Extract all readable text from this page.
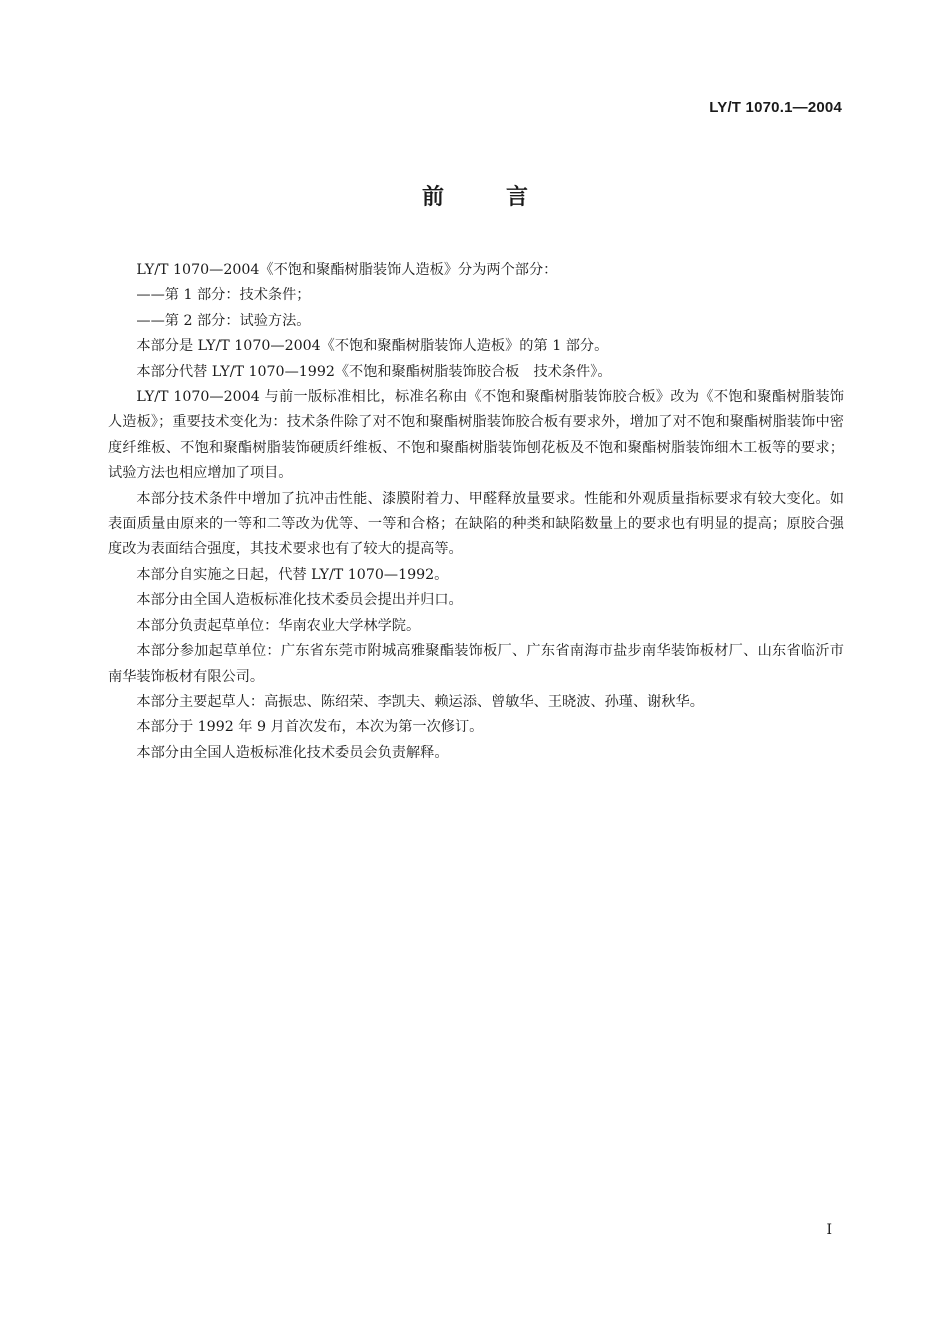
LY/T 1070.1—2004
前言

LY/T 1070—2004《不饱和聚酯树脂装饰人造板》分为两个部分：

——第 1 部分：技术条件；

——第 2 部分：试验方法。

本部分是 LY/T 1070—2004《不饱和聚酯树脂装饰人造板》的第 1 部分。

本部分代替 LY/T 1070—1992《不饱和聚酯树脂装饰胶合板　技术条件》。

LY/T 1070—2004 与前一版标准相比，标准名称由《不饱和聚酯树脂装饰胶合板》改为《不饱和聚酯树脂装饰人造板》；重要技术变化为：技术条件除了对不饱和聚酯树脂装饰胶合板有要求外，增加了对不饱和聚酯树脂装饰中密度纤维板、不饱和聚酯树脂装饰硬质纤维板、不饱和聚酯树脂装饰刨花板及不饱和聚酯树脂装饰细木工板等的要求；试验方法也相应增加了项目。

本部分技术条件中增加了抗冲击性能、漆膜附着力、甲醛释放量要求。性能和外观质量指标要求有较大变化。如表面质量由原来的一等和二等改为优等、一等和合格；在缺陷的种类和缺陷数量上的要求也有明显的提高；原胶合强度改为表面结合强度，其技术要求也有了较大的提高等。

本部分自实施之日起，代替 LY/T 1070—1992。

本部分由全国人造板标准化技术委员会提出并归口。

本部分负责起草单位：华南农业大学林学院。

本部分参加起草单位：广东省东莞市附城高雅聚酯装饰板厂、广东省南海市盐步南华装饰板材厂、山东省临沂市南华装饰板材有限公司。

本部分主要起草人：高振忠、陈绍荣、李凯夫、赖运添、曾敏华、王晓波、孙瑾、谢秋华。

本部分于 1992 年 9 月首次发布，本次为第一次修订。

本部分由全国人造板标准化技术委员会负责解释。

I
